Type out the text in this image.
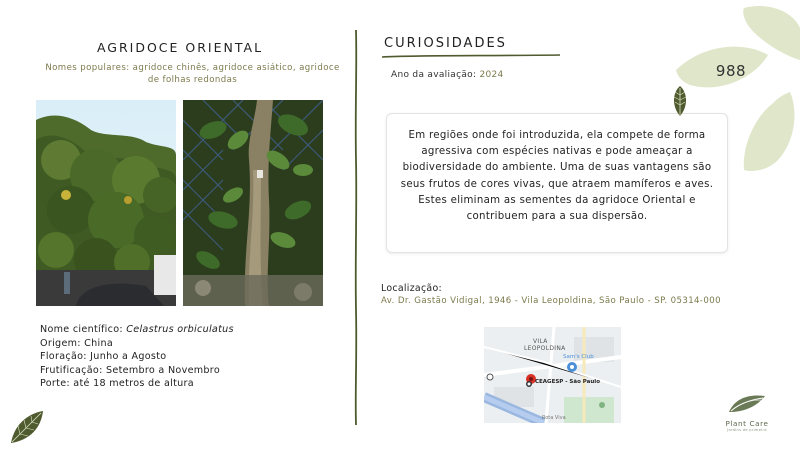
AGRIDOCE ORIENTAL
Nomes populares: agridoce chinês, agridoce asiático, agridoce de folhas redondas
Nome científico: Celastrus orbiculatus
Origem: China
Floração: Junho a Agosto
Frutificação: Setembro a Novembro
Porte: até 18 metros de altura
CURIOSIDADES
Ano da avaliação: 2024

Em regiões onde foi introduzida, ela compete de forma agressiva com espécies nativas e pode ameaçar a biodiversidade do ambiente. Uma de suas vantagens são seus frutos de cores vivas, que atraem mamíferos e aves. Estes eliminam as sementes da agridoce Oriental e contribuem para a sua dispersão.

Localização:
Av. Dr. Gastão Vidigal, 1946 - Vila Leopoldina, São Paulo - SP. 05314-000
VILA
LEOPOLDINA
Sam's Club
CEAGESP - São Paulo
Rota Viva
988
Plant Care
jardins de primeira
